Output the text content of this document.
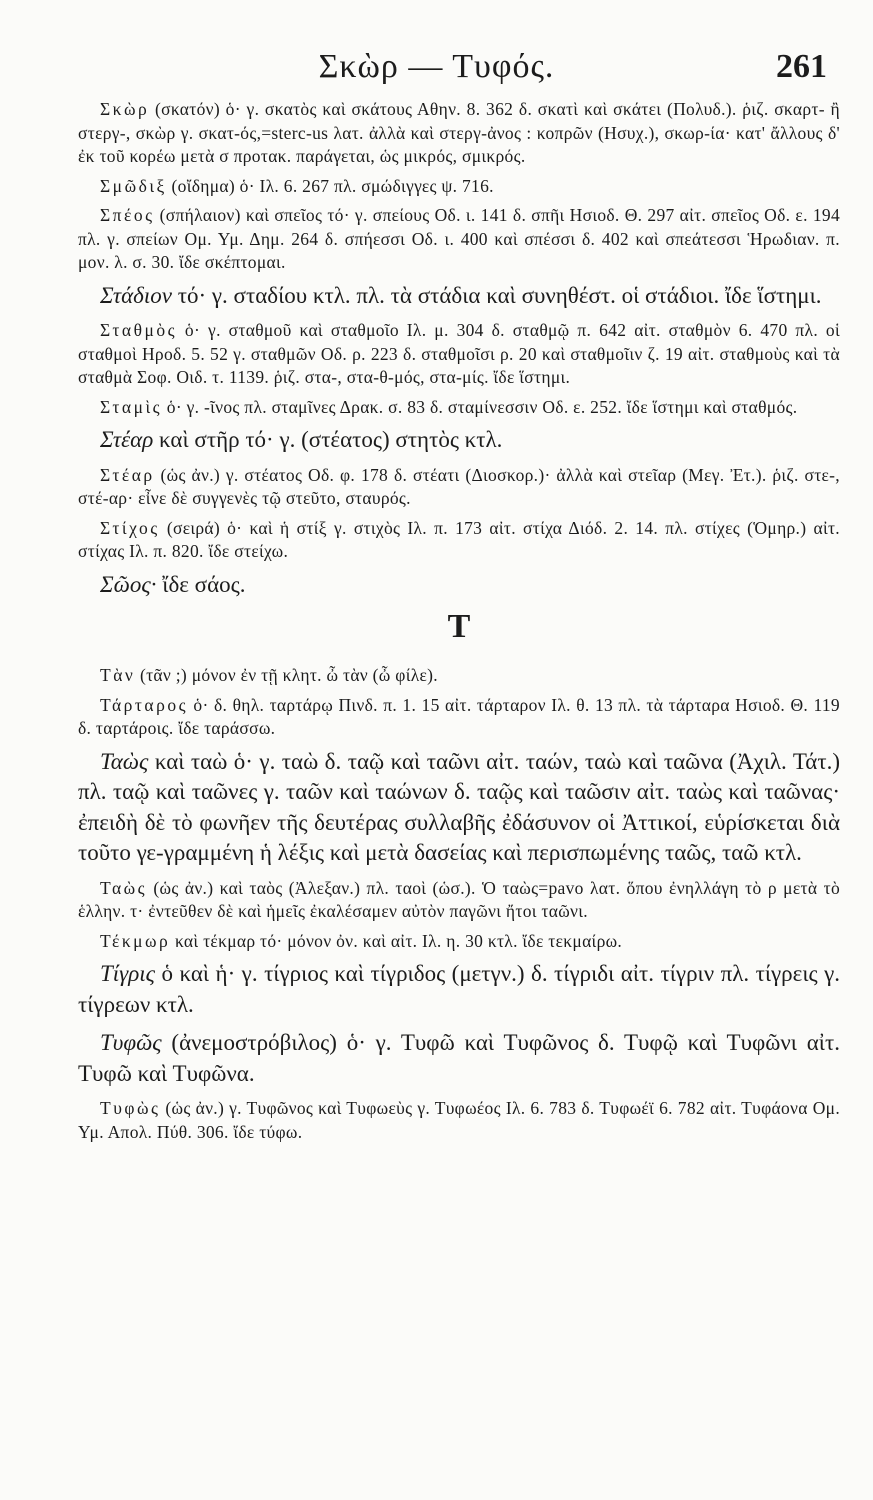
Σκὼρ — Τυφός.	261

Σκὼρ (σκατόν) ὁ· γ. σκατὸς καὶ σκάτους Αθην. 8. 362 δ. σκατὶ καὶ σκάτει (Πολυδ.). ῥιζ. σκαρτ- ἢ στεργ-, σκὼρ γ. σκατ-ός,=sterc-us λατ. ἀλλὰ καὶ στεργ-ἀνος : κοπρῶν (Ησυχ.), σκωρ-ία· κατ' ἄλλους δ' ἐκ τοῦ κορέω μετὰ σ προτακ. παράγεται, ὡς μικρός, σμικρός.

Σμῶδιξ (οἴδημα) ὁ· Ιλ. 6. 267 πλ. σμώδιγγες ψ. 716.

Σπέος (σπήλαιον) καὶ σπεῖος τό· γ. σπείους Οδ. ι. 141 δ. σπῆι Ησιοδ. Θ. 297 αἰτ. σπεῖος Οδ. ε. 194 πλ. γ. σπείων Ομ. Υμ. Δημ. 264 δ. σπήεσσι Οδ. ι. 400 καὶ σπέσσι δ. 402 καὶ σπεάτεσσι Ἡρωδιαν. π. μον. λ. σ. 30. ἴδε σκέπτομαι.

Στάδιον τό· γ. σταδίου κτλ. πλ. τὰ στάδια καὶ συνηθέστ. οἱ στάδιοι. ἴδε ἵστημι.

Σταθμὸς ὁ· γ. σταθμοῦ καὶ σταθμοῖο Ιλ. μ. 304 δ. σταθμῷ π. 642 αἰτ. σταθμὸν 6. 470 πλ. οἱ σταθμοὶ Ηροδ. 5. 52 γ. σταθμῶν Οδ. ρ. 223 δ. σταθμοῖσι ρ. 20 καὶ σταθμοῖιν ζ. 19 αἰτ. σταθμοὺς καὶ τὰ σταθμὰ Σοφ. Οιδ. τ. 1139. ῥιζ. στα-, στα-θ-μός, στα-μίς. ἴδε ἵστημι.

Σταμὶς ὁ· γ. -ῖνος πλ. σταμῖνες Δρακ. σ. 83 δ. σταμίνεσσιν Οδ. ε. 252. ἴδε ἵστημι καὶ σταθμός.

Στέαρ καὶ στῆρ τό· γ. (στέατος) στητὸς κτλ.

Στέαρ (ὡς ἀν.) γ. στέατος Οδ. φ. 178 δ. στέατι (Διοσκορ.)· ἀλλὰ καὶ στεῖαρ (Μεγ. Ἐτ.). ῥιζ. στε-, στέ-αρ· εἶνε δὲ συγγενὲς τῷ στεῦτο, σταυρός.

Στίχος (σειρά) ὁ· καὶ ἡ στίξ γ. στιχὸς Ιλ. π. 173 αἰτ. στίχα Διόδ. 2. 14. πλ. στίχες (Ὁμηρ.) αἰτ. στίχας Ιλ. π. 820. ἴδε στείχω.

Σῶος· ἴδε σάος.

T

Τὰν (τᾶν ;) μόνον ἐν τῇ κλητ. ὦ τὰν (ὦ φίλε).

Τάρταρος ὁ· δ. θηλ. ταρτάρῳ Πινδ. π. 1. 15 αἰτ. τάρταρον Ιλ. θ. 13 πλ. τὰ τάρταρα Ησιοδ. Θ. 119 δ. ταρτάροις. ἴδε ταράσσω.

Ταὼς καὶ ταὼ ὁ· γ. ταὼ δ. ταῷ καὶ ταῶνι αἰτ. ταών, ταὼ καὶ ταῶνα (Ἀχιλ. Τάτ.) πλ. ταῷ καὶ ταῶνες γ. ταῶν καὶ ταώνων δ. ταῷς καὶ ταῶσιν αἰτ. ταὼς καὶ ταῶνας· ἐπειδὴ δὲ τὸ φωνῆεν τῆς δευτέρας συλλαβῆς ἐδάσυνον οἱ Ἀττικοί, εὑρίσκεται διὰ τοῦτο γε-γραμμένη ἡ λέξις καὶ μετὰ δασείας καὶ περισπωμένης ταῶς, ταῶ κτλ.

Ταὼς (ὡς ἀν.) καὶ ταὸς (Ἀλεξαν.) πλ. ταοὶ (ὡσ.). Ὁ ταὼς=pavo λατ. ὅπου ἐνηλλάγη τὸ ρ μετὰ τὸ ἑλλην. τ· ἐντεῦθεν δὲ καὶ ἡμεῖς ἐκαλέσαμεν αὐτὸν παγῶνι ἤτοι ταῶνι.

Τέκμωρ καὶ τέκμαρ τό· μόνον ὀν. καὶ αἰτ. Ιλ. η. 30 κτλ. ἴδε τεκμαίρω.

Τίγρις ὁ καὶ ἡ· γ. τίγριος καὶ τίγριδος (μετγν.) δ. τίγριδι αἰτ. τίγριν πλ. τίγρεις γ. τίγρεων κτλ.

Τυφῶς (ἀνεμοστρόβιλος) ὁ· γ. Τυφῶ καὶ Τυφῶνος δ. Τυφῷ καὶ Τυφῶνι αἰτ. Τυφῶ καὶ Τυφῶνα.

Τυφὼς (ὡς ἀν.) γ. Τυφῶνος καὶ Τυφωεὺς γ. Τυφωέος Ιλ. 6. 783 δ. Τυφωέϊ 6. 782 αἰτ. Τυφάονα Ομ. Υμ. Απολ. Πύθ. 306. ἴδε τύφω.
